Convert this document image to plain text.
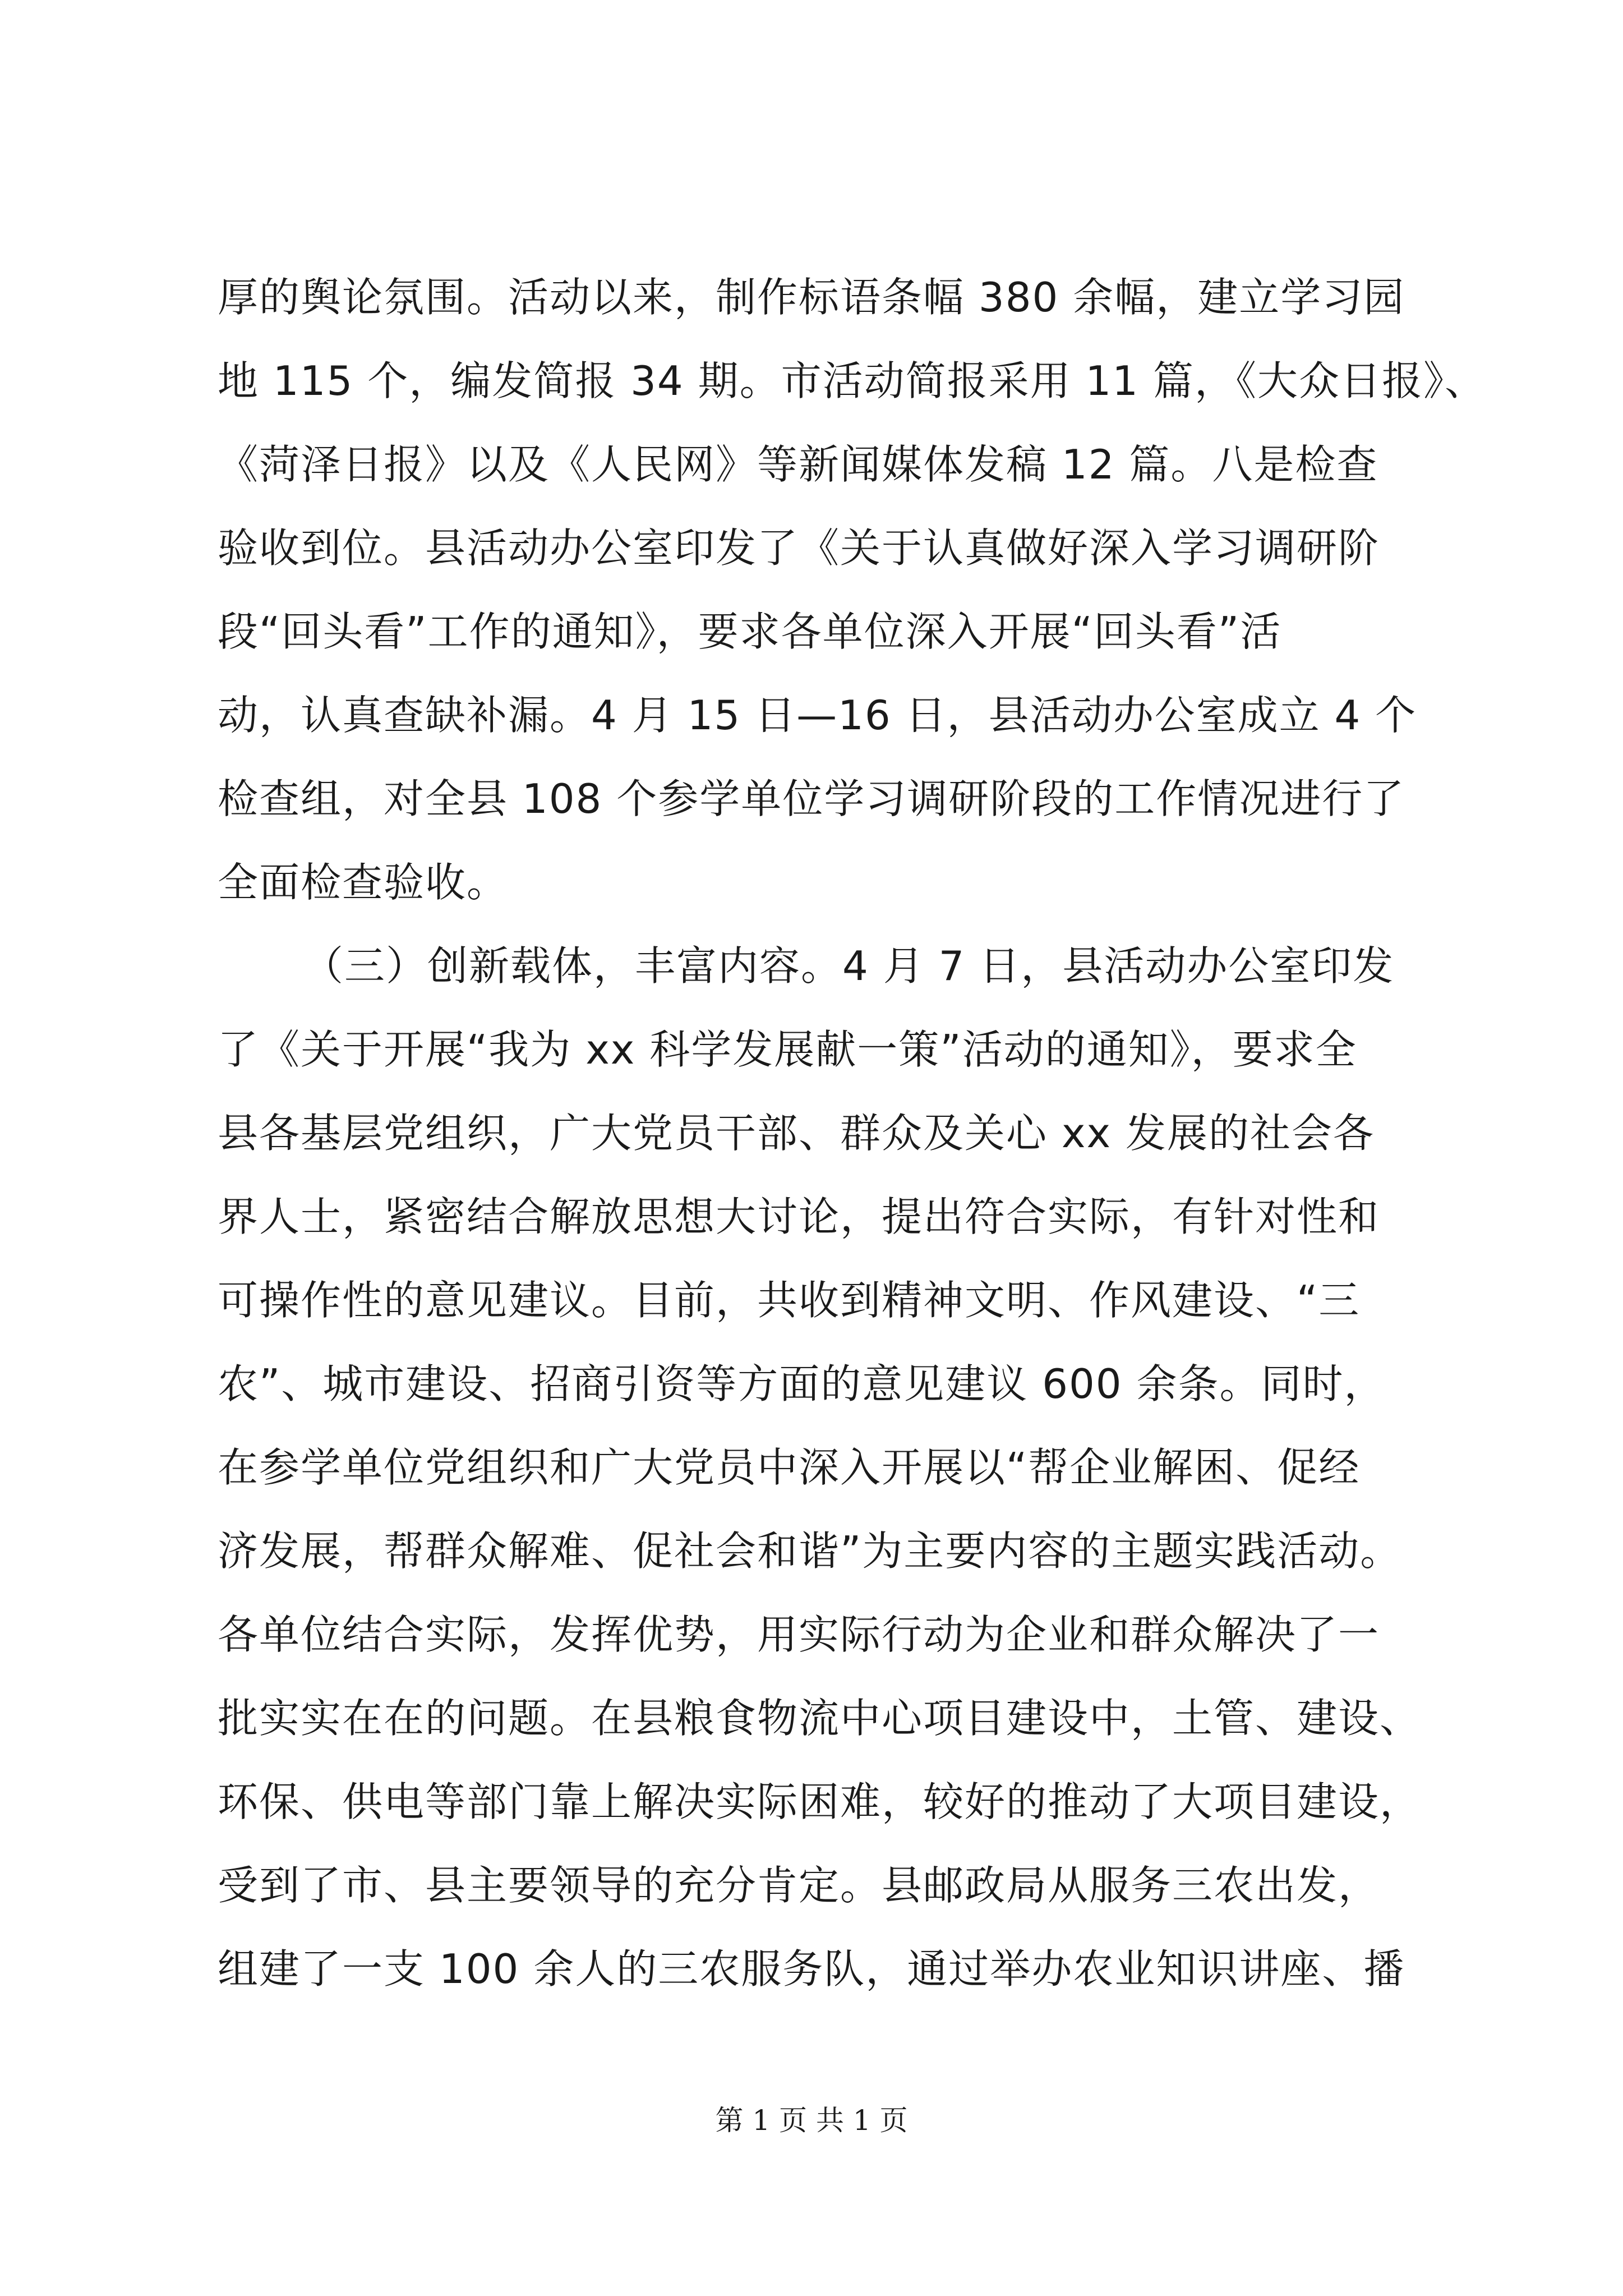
厚的舆论氛围。活动以来，制作标语条幅 380 余幅，建立学习园
地 115 个，编发简报 34 期。市活动简报采用 11 篇，《大众日报》、
《菏泽日报》以及《人民网》等新闻媒体发稿 12 篇。八是检查
验收到位。县活动办公室印发了《关于认真做好深入学习调研阶
段“回头看”工作的通知》，要求各单位深入开展“回头看”活
动，认真查缺补漏。4 月 15 日—16 日，县活动办公室成立 4 个
检查组，对全县 108 个参学单位学习调研阶段的工作情况进行了
全面检查验收。
（三）创新载体，丰富内容。4 月 7 日，县活动办公室印发
了《关于开展“我为 xx 科学发展献一策”活动的通知》，要求全
县各基层党组织，广大党员干部、群众及关心 xx 发展的社会各
界人士，紧密结合解放思想大讨论，提出符合实际，有针对性和
可操作性的意见建议。目前，共收到精神文明、作风建设、“三
农”、城市建设、招商引资等方面的意见建议 600 余条。同时，
在参学单位党组织和广大党员中深入开展以“帮企业解困、促经
济发展，帮群众解难、促社会和谐”为主要内容的主题实践活动。
各单位结合实际，发挥优势，用实际行动为企业和群众解决了一
批实实在在的问题。在县粮食物流中心项目建设中，土管、建设、
环保、供电等部门靠上解决实际困难，较好的推动了大项目建设，
受到了市、县主要领导的充分肯定。县邮政局从服务三农出发，
组建了一支 100 余人的三农服务队，通过举办农业知识讲座、播
第 1 页 共 1 页
